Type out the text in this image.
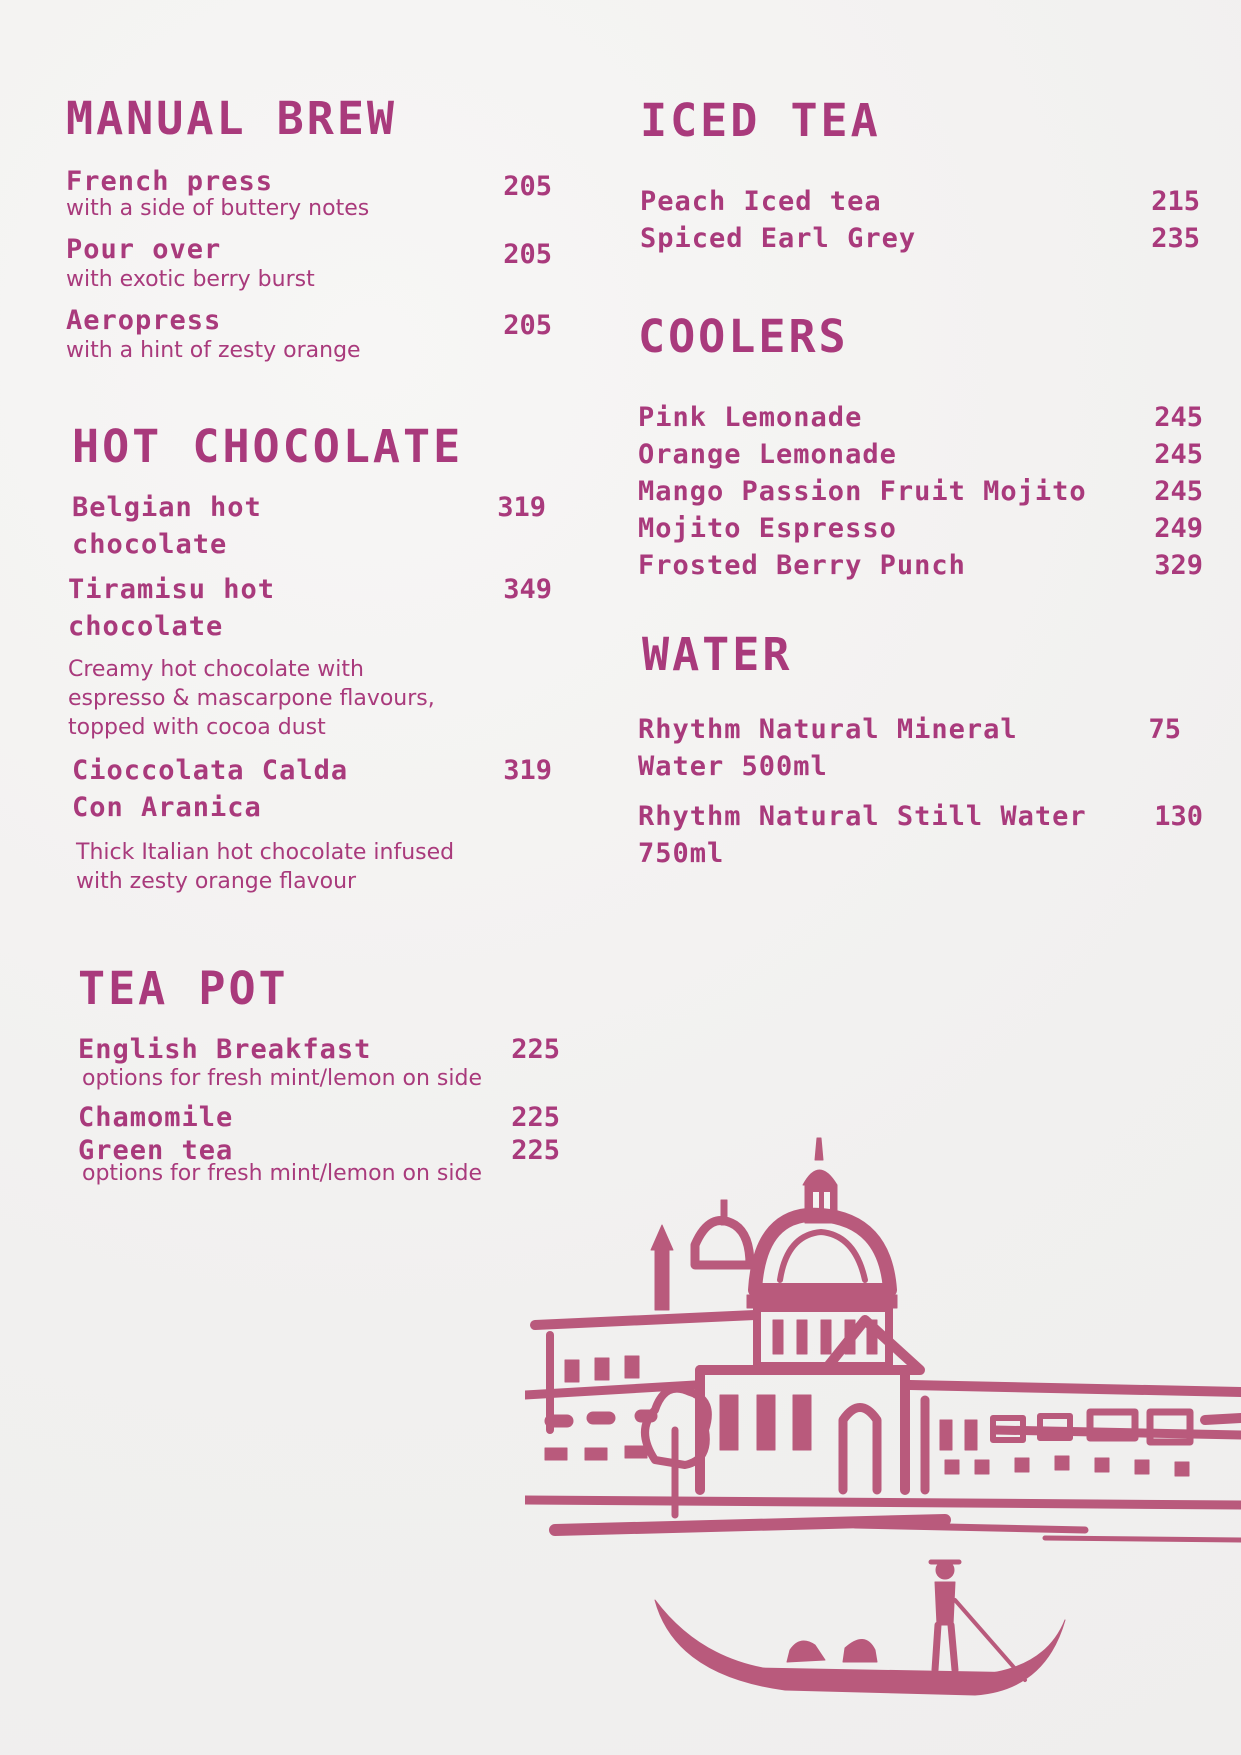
MANUAL BREW
French press	205
with a side of buttery notes
Pour over	205
with exotic berry burst
Aeropress	205
with a hint of zesty orange
HOT CHOCOLATE
Belgian hot
chocolate
319
Tiramisu hot
chocolate
349
Creamy hot chocolate with
espresso & mascarpone flavours,
topped with cocoa dust
Cioccolata Calda
Con Aranica
319
Thick Italian hot chocolate infused
with zesty orange flavour
TEA POT
English Breakfast	225
options for fresh mint/lemon on side
Chamomile	225
Green tea	225
options for fresh mint/lemon on side
ICED TEA
Peach Iced tea	215
Spiced Earl Grey	235
COOLERS
Pink Lemonade	245
Orange Lemonade	245
Mango Passion Fruit Mojito	245
Mojito Espresso	249
Frosted Berry Punch	329
WATER
Rhythm Natural Mineral
Water 500ml
75
Rhythm Natural Still Water
750ml
130
